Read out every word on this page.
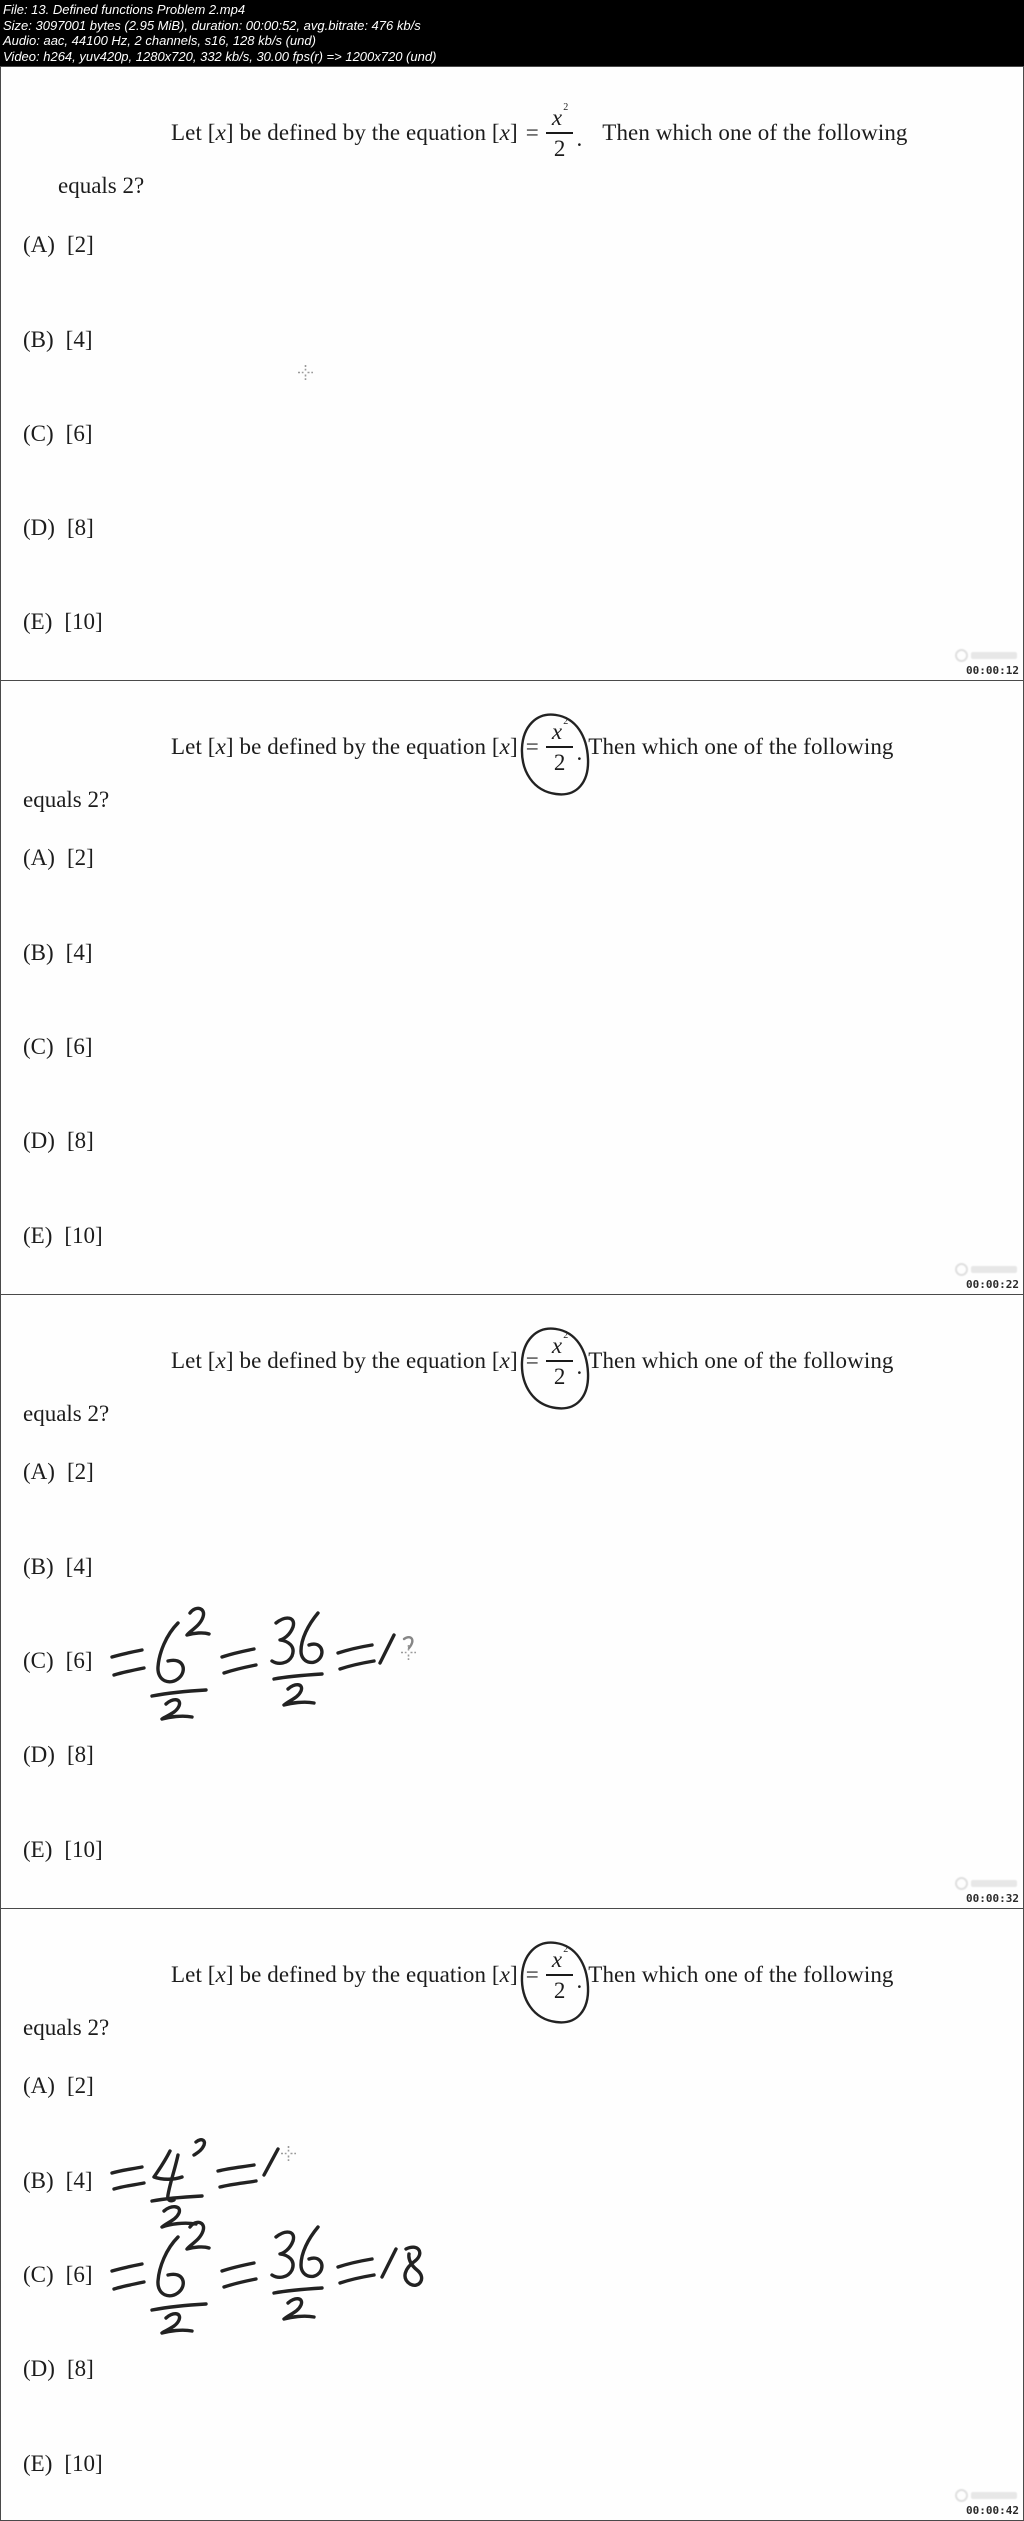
File: 13. Defined functions Problem 2.mp4
Size: 3097001 bytes (2.95 MiB), duration: 00:00:52, avg.bitrate: 476 kb/s
Audio: aac, 44100 Hz, 2 channels, s16, 128 kb/s (und)
Video: h264, yuv420p, 1280x720, 332 kb/s, 30.00 fps(r) => 1200x720 (und)
Let [x] be defined by the equation $[x] = \frac{x^2}{2}$ . Then which one of the following
equals 2?
(A) [2]
(B) [4]
(C) [6]
(D) [8]
(E) [10]
00:00:12
Let [x] be defined by the equation $[x] = \frac{x^2}{2}$ . Then which one of the following
equals 2?
(A) [2]
(B) [4]
(C) [6]
(D) [8]
(E) [10]
00:00:22
Let [x] be defined by the equation $[x] = \frac{x^2}{2}$ . Then which one of the following
equals 2?
(A) [2]
(B) [4]
(C) [6]
(D) [8]
(E) [10]
00:00:32
Let [x] be defined by the equation $[x] = \frac{x^2}{2}$ . Then which one of the following
equals 2?
(A) [2]
(B) [4]
(C) [6]
(D) [8]
(E) [10]
00:00:42
